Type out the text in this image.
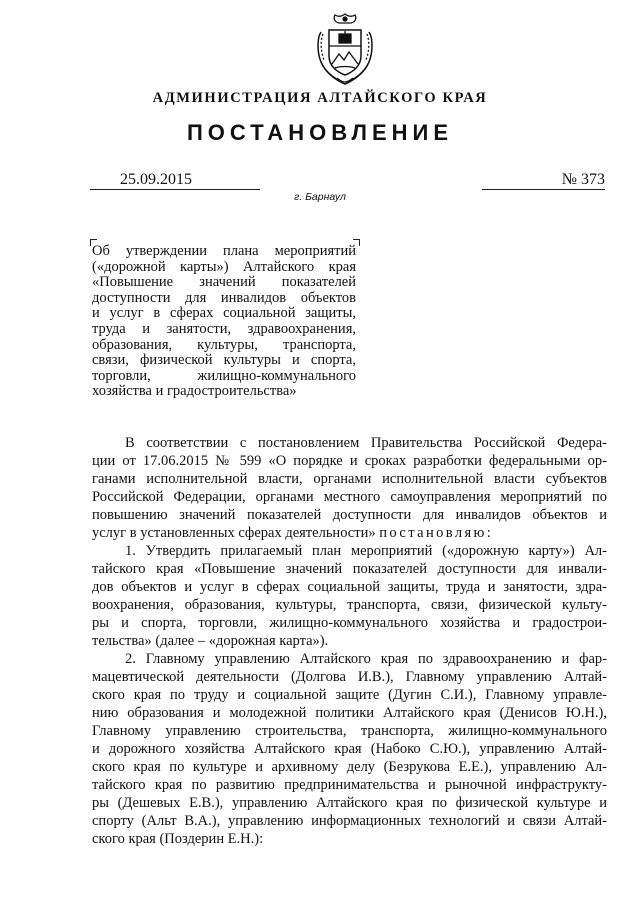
АДМИНИСТРАЦИЯ АЛТАЙСКОГО КРАЯ
ПОСТАНОВЛЕНИЕ
25.09.2015	№ 373
г. Барнаул
Об утверждении плана мероприятий
(«дорожной карты») Алтайского края
«Повышение значений показателей
доступности для инвалидов объектов
и услуг в сферах социальной защиты,
труда и занятости, здравоохранения,
образования, культуры, транспорта,
связи, физической культуры и спорта,
торговли, жилищно-коммунального
хозяйства и градостроительства»
В соответствии с постановлением Правительства Российской Федера-
ции от 17.06.2015 № 599 «О порядке и сроках разработки федеральными ор-
ганами исполнительной власти, органами исполнительной власти субъектов
Российской Федерации, органами местного самоуправления мероприятий по
повышению значений показателей доступности для инвалидов объектов и
услуг в установленных сферах деятельности» постановляю:
1. Утвердить прилагаемый план мероприятий («дорожную карту») Ал-
тайского края «Повышение значений показателей доступности для инвали-
дов объектов и услуг в сферах социальной защиты, труда и занятости, здра-
воохранения, образования, культуры, транспорта, связи, физической культу-
ры и спорта, торговли, жилищно-коммунального хозяйства и градострои-
тельства» (далее – «дорожная карта»).
2. Главному управлению Алтайского края по здравоохранению и фар-
мацевтической деятельности (Долгова И.В.), Главному управлению Алтай-
ского края по труду и социальной защите (Дугин С.И.), Главному управле-
нию образования и молодежной политики Алтайского края (Денисов Ю.Н.),
Главному управлению строительства, транспорта, жилищно-коммунального
и дорожного хозяйства Алтайского края (Набоко С.Ю.), управлению Алтай-
ского края по культуре и архивному делу (Безрукова Е.Е.), управлению Ал-
тайского края по развитию предпринимательства и рыночной инфраструкту-
ры (Дешевых Е.В.), управлению Алтайского края по физической культуре и
спорту (Альт В.А.), управлению информационных технологий и связи Алтай-
ского края (Поздерин Е.Н.):
